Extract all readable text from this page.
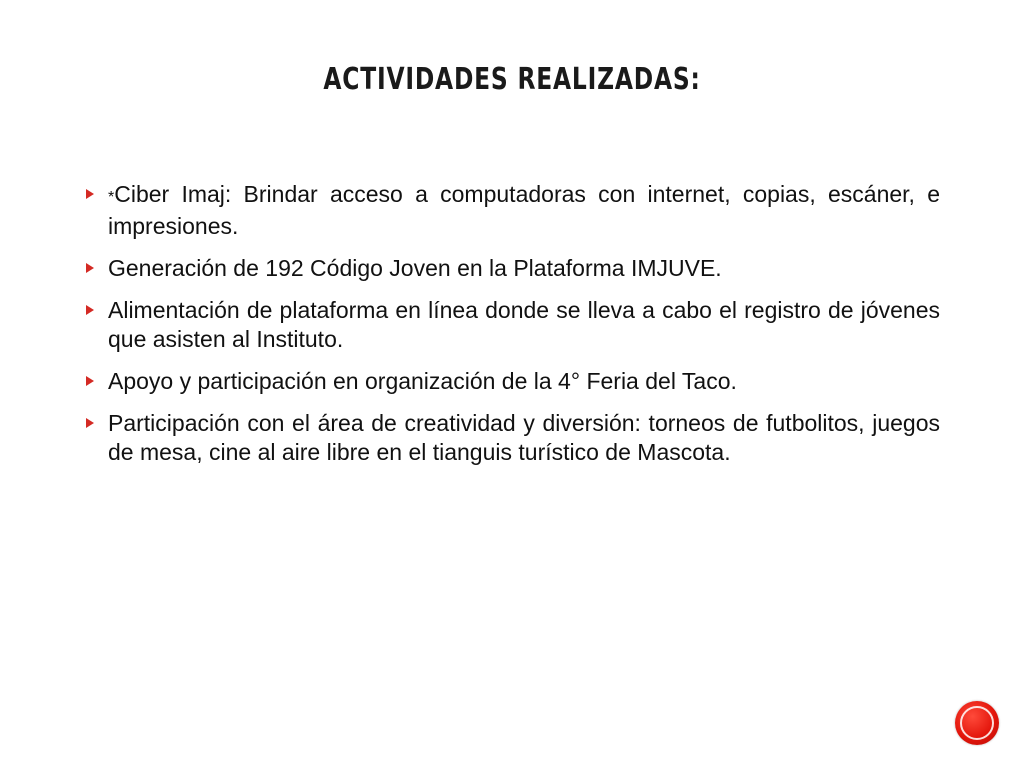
ACTIVIDADES REALIZADAS:
*Ciber Imaj: Brindar acceso a computadoras con internet, copias, escáner, e impresiones.
Generación de 192 Código Joven en la Plataforma IMJUVE.
Alimentación de plataforma en línea donde se lleva a cabo el registro de jóvenes que asisten al Instituto.
Apoyo y participación en organización de la 4° Feria del Taco.
Participación con el área de creatividad y diversión: torneos de futbolitos, juegos de mesa, cine al aire libre en el tianguis turístico de Mascota.
